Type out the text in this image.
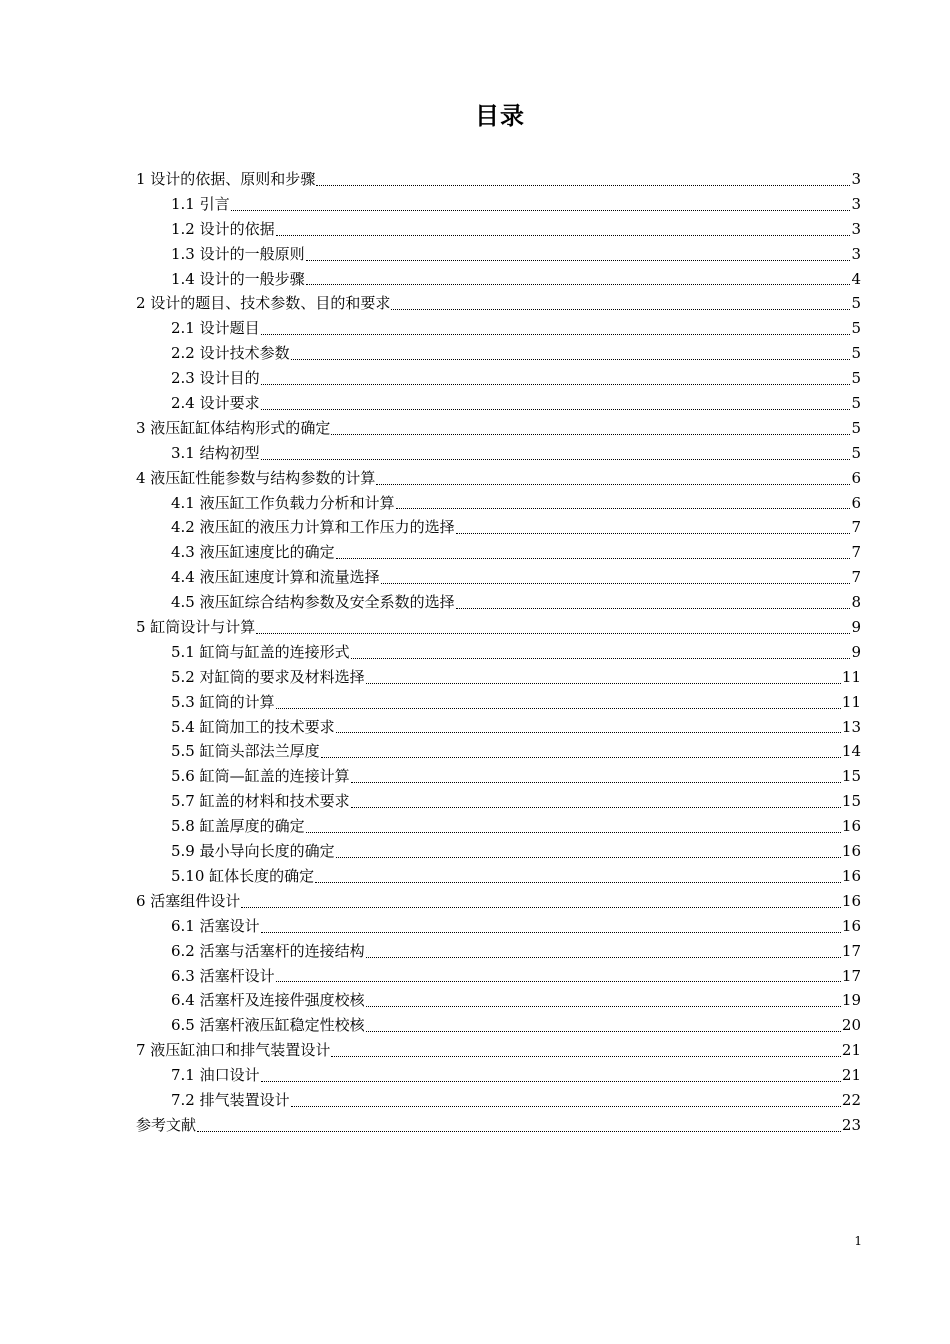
目录
1 设计的依据、原则和步骤	3
1.1 引言	3
1.2 设计的依据	3
1.3 设计的一般原则	3
1.4 设计的一般步骤	4
2 设计的题目、技术参数、目的和要求	5
2.1 设计题目	5
2.2 设计技术参数	5
2.3 设计目的	5
2.4 设计要求	5
3 液压缸缸体结构形式的确定	5
3.1 结构初型	5
4 液压缸性能参数与结构参数的计算	6
4.1 液压缸工作负载力分析和计算	6
4.2 液压缸的液压力计算和工作压力的选择	7
4.3 液压缸速度比的确定	7
4.4 液压缸速度计算和流量选择	7
4.5 液压缸综合结构参数及安全系数的选择	8
5 缸筒设计与计算	9
5.1 缸筒与缸盖的连接形式	9
5.2 对缸筒的要求及材料选择	11
5.3 缸筒的计算	11
5.4 缸筒加工的技术要求	13
5.5 缸筒头部法兰厚度	14
5.6 缸筒—缸盖的连接计算	15
5.7 缸盖的材料和技术要求	15
5.8 缸盖厚度的确定	16
5.9 最小导向长度的确定	16
5.10 缸体长度的确定	16
6 活塞组件设计	16
6.1 活塞设计	16
6.2 活塞与活塞杆的连接结构	17
6.3 活塞杆设计	17
6.4 活塞杆及连接件强度校核	19
6.5 活塞杆液压缸稳定性校核	20
7 液压缸油口和排气装置设计	21
7.1 油口设计	21
7.2 排气装置设计	22
参考文献	23
1
